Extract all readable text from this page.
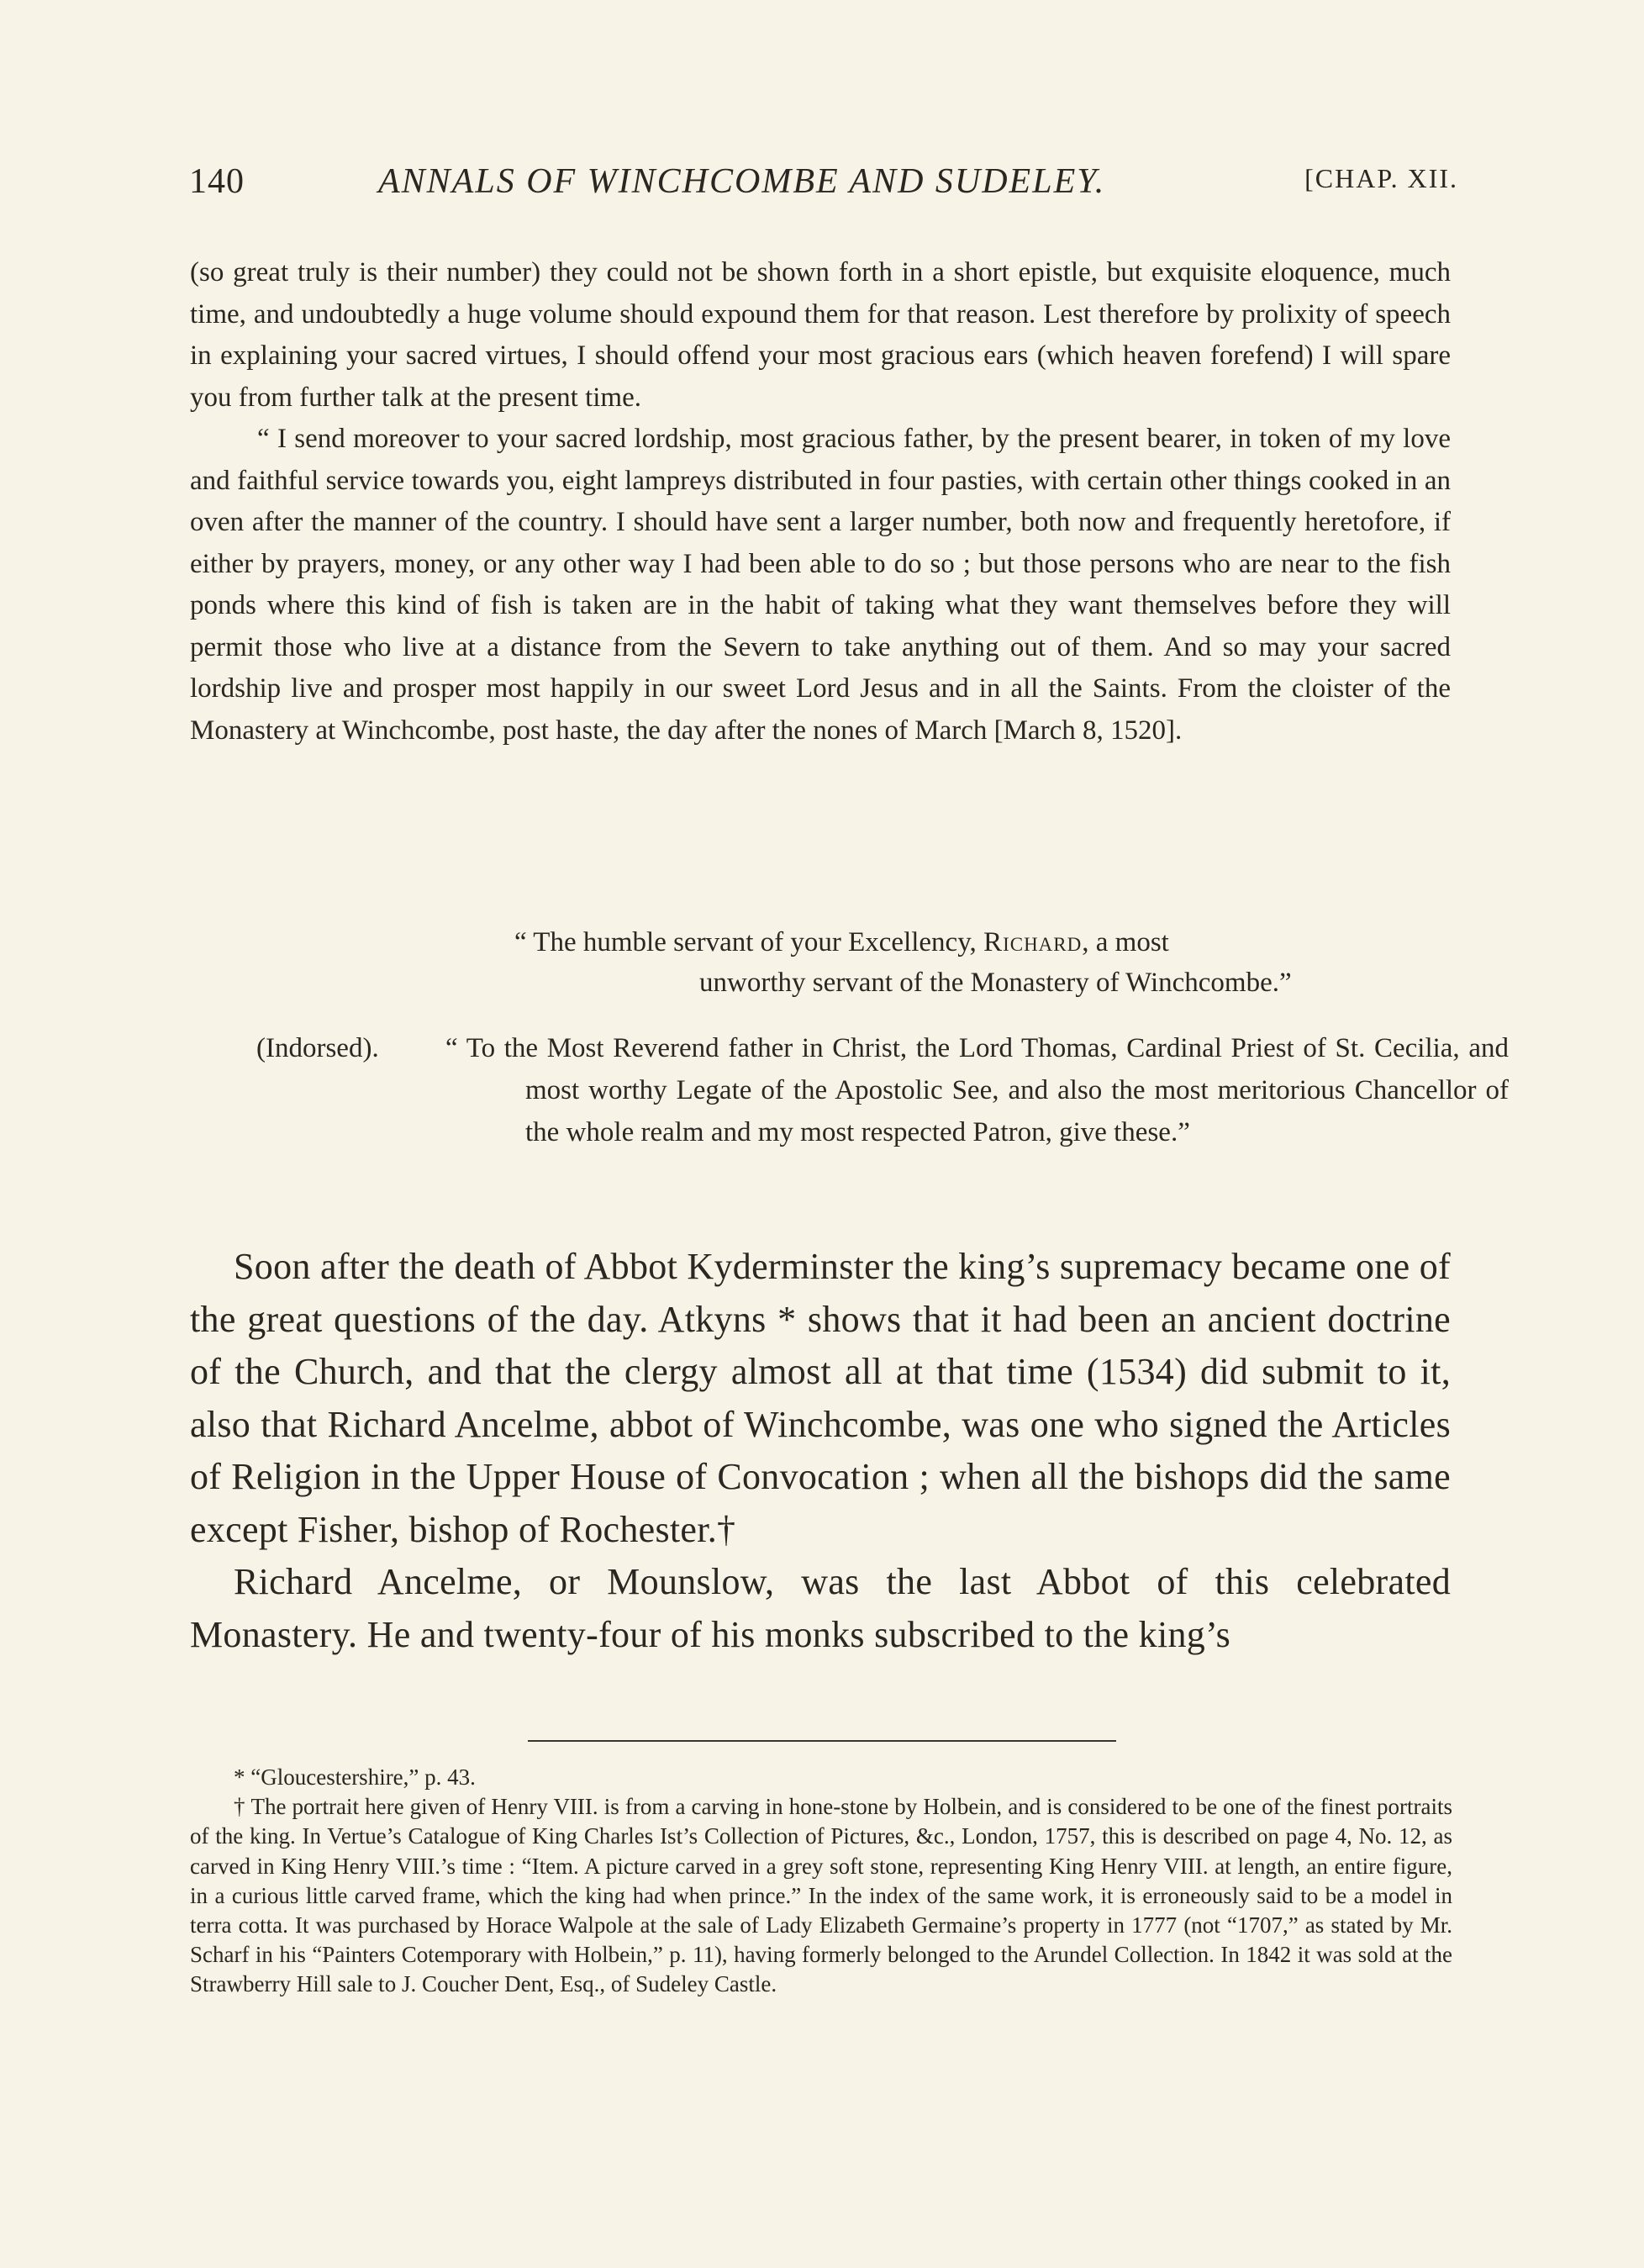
140	ANNALS OF WINCHCOMBE AND SUDELEY.	[CHAP. XII.

(so great truly is their number) they could not be shown forth in a short epistle, but exquisite eloquence, much time, and undoubtedly a huge volume should expound them for that reason. Lest therefore by prolixity of speech in explaining your sacred virtues, I should offend your most gracious ears (which heaven forefend) I will spare you from further talk at the present time.

“ I send moreover to your sacred lordship, most gracious father, by the present bearer, in token of my love and faithful service towards you, eight lampreys distributed in four pasties, with certain other things cooked in an oven after the manner of the country. I should have sent a larger number, both now and frequently heretofore, if either by prayers, money, or any other way I had been able to do so ; but those persons who are near to the fish ponds where this kind of fish is taken are in the habit of taking what they want themselves before they will permit those who live at a distance from the Severn to take anything out of them. And so may your sacred lordship live and prosper most happily in our sweet Lord Jesus and in all the Saints. From the cloister of the Monastery at Winchcombe, post haste, the day after the nones of March [March 8, 1520].

“ The humble servant of your Excellency, Richard, a most
unworthy servant of the Monastery of Winchcombe.”
(Indorsed). “ To the Most Reverend father in Christ, the Lord Thomas, Cardinal Priest of St. Cecilia, and most worthy Legate of the Apostolic See, and also the most meritorious Chancellor of the whole realm and my most respected Patron, give these.”

Soon after the death of Abbot Kyderminster the king’s supremacy became one of the great questions of the day. Atkyns * shows that it had been an ancient doctrine of the Church, and that the clergy almost all at that time (1534) did submit to it, also that Richard Ancelme, abbot of Winchcombe, was one who signed the Articles of Religion in the Upper House of Convocation ; when all the bishops did the same except Fisher, bishop of Rochester.†

Richard Ancelme, or Mounslow, was the last Abbot of this celebrated Monastery. He and twenty-four of his monks subscribed to the king’s

* “Gloucestershire,” p. 43.

† The portrait here given of Henry VIII. is from a carving in hone-stone by Holbein, and is considered to be one of the finest portraits of the king. In Vertue’s Catalogue of King Charles Ist’s Collection of Pictures, &c., London, 1757, this is described on page 4, No. 12, as carved in King Henry VIII.’s time : “Item. A picture carved in a grey soft stone, representing King Henry VIII. at length, an entire figure, in a curious little carved frame, which the king had when prince.” In the index of the same work, it is erroneously said to be a model in terra cotta. It was purchased by Horace Walpole at the sale of Lady Elizabeth Germaine’s property in 1777 (not “1707,” as stated by Mr. Scharf in his “Painters Cotemporary with Holbein,” p. 11), having formerly belonged to the Arundel Collection. In 1842 it was sold at the Strawberry Hill sale to J. Coucher Dent, Esq., of Sudeley Castle.
